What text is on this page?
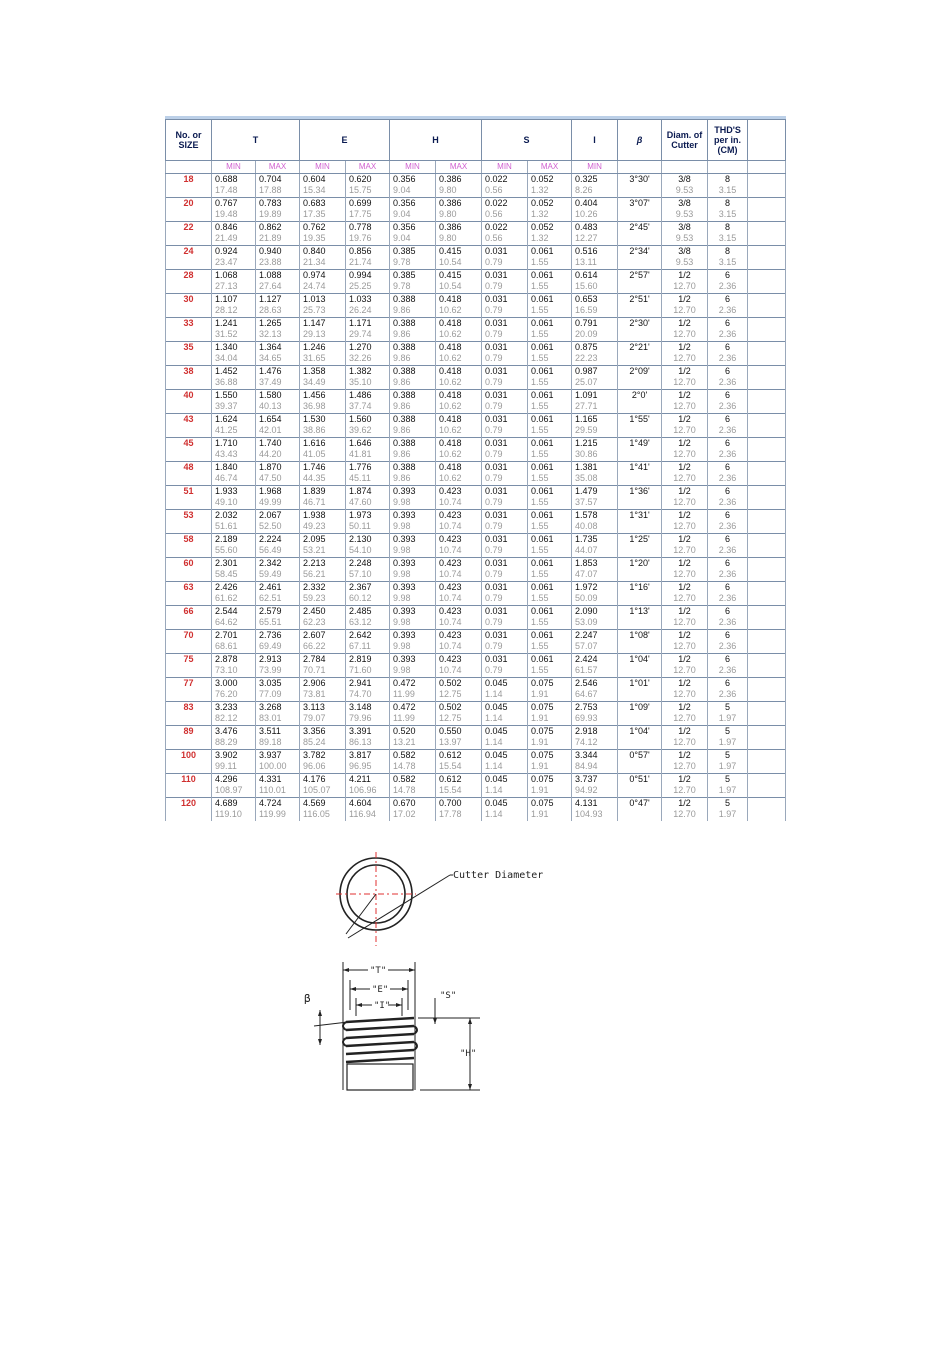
No. or SIZE	T		E		H		S		I	β	Diam. of Cutter	THD'S per in. (CM)	
	MIN	MAX	MIN	MAX	MIN	MAX	MIN	MAX	MIN				
18	0.688	0.704	0.604	0.620	0.356	0.386	0.022	0.052	0.325	3°30'	3/8	8	
	17.48	17.88	15.34	15.75	9.04	9.80	0.56	1.32	8.26		9.53	3.15	
20	0.767	0.783	0.683	0.699	0.356	0.386	0.022	0.052	0.404	3°07'	3/8	8	
	19.48	19.89	17.35	17.75	9.04	9.80	0.56	1.32	10.26		9.53	3.15	
22	0.846	0.862	0.762	0.778	0.356	0.386	0.022	0.052	0.483	2°45'	3/8	8	
	21.49	21.89	19.35	19.76	9.04	9.80	0.56	1.32	12.27		9.53	3.15	
24	0.924	0.940	0.840	0.856	0.385	0.415	0.031	0.061	0.516	2°34'	3/8	8	
	23.47	23.88	21.34	21.74	9.78	10.54	0.79	1.55	13.11		9.53	3.15	
28	1.068	1.088	0.974	0.994	0.385	0.415	0.031	0.061	0.614	2°57'	1/2	6	
	27.13	27.64	24.74	25.25	9.78	10.54	0.79	1.55	15.60		12.70	2.36	
30	1.107	1.127	1.013	1.033	0.388	0.418	0.031	0.061	0.653	2°51'	1/2	6	
	28.12	28.63	25.73	26.24	9.86	10.62	0.79	1.55	16.59		12.70	2.36	
33	1.241	1.265	1.147	1.171	0.388	0.418	0.031	0.061	0.791	2°30'	1/2	6	
	31.52	32.13	29.13	29.74	9.86	10.62	0.79	1.55	20.09		12.70	2.36	
35	1.340	1.364	1.246	1.270	0.388	0.418	0.031	0.061	0.875	2°21'	1/2	6	
	34.04	34.65	31.65	32.26	9.86	10.62	0.79	1.55	22.23		12.70	2.36	
38	1.452	1.476	1.358	1.382	0.388	0.418	0.031	0.061	0.987	2°09'	1/2	6	
	36.88	37.49	34.49	35.10	9.86	10.62	0.79	1.55	25.07		12.70	2.36	
40	1.550	1.580	1.456	1.486	0.388	0.418	0.031	0.061	1.091	2°0'	1/2	6	
	39.37	40.13	36.98	37.74	9.86	10.62	0.79	1.55	27.71		12.70	2.36	
43	1.624	1.654	1.530	1.560	0.388	0.418	0.031	0.061	1.165	1°55'	1/2	6	
	41.25	42.01	38.86	39.62	9.86	10.62	0.79	1.55	29.59		12.70	2.36	
45	1.710	1.740	1.616	1.646	0.388	0.418	0.031	0.061	1.215	1°49'	1/2	6	
	43.43	44.20	41.05	41.81	9.86	10.62	0.79	1.55	30.86		12.70	2.36	
48	1.840	1.870	1.746	1.776	0.388	0.418	0.031	0.061	1.381	1°41'	1/2	6	
	46.74	47.50	44.35	45.11	9.86	10.62	0.79	1.55	35.08		12.70	2.36	
51	1.933	1.968	1.839	1.874	0.393	0.423	0.031	0.061	1.479	1°36'	1/2	6	
	49.10	49.99	46.71	47.60	9.98	10.74	0.79	1.55	37.57		12.70	2.36	
53	2.032	2.067	1.938	1.973	0.393	0.423	0.031	0.061	1.578	1°31'	1/2	6	
	51.61	52.50	49.23	50.11	9.98	10.74	0.79	1.55	40.08		12.70	2.36	
58	2.189	2.224	2.095	2.130	0.393	0.423	0.031	0.061	1.735	1°25'	1/2	6	
	55.60	56.49	53.21	54.10	9.98	10.74	0.79	1.55	44.07		12.70	2.36	
60	2.301	2.342	2.213	2.248	0.393	0.423	0.031	0.061	1.853	1°20'	1/2	6	
	58.45	59.49	56.21	57.10	9.98	10.74	0.79	1.55	47.07		12.70	2.36	
63	2.426	2.461	2.332	2.367	0.393	0.423	0.031	0.061	1.972	1°16'	1/2	6	
	61.62	62.51	59.23	60.12	9.98	10.74	0.79	1.55	50.09		12.70	2.36	
66	2.544	2.579	2.450	2.485	0.393	0.423	0.031	0.061	2.090	1°13'	1/2	6	
	64.62	65.51	62.23	63.12	9.98	10.74	0.79	1.55	53.09		12.70	2.36	
70	2.701	2.736	2.607	2.642	0.393	0.423	0.031	0.061	2.247	1°08'	1/2	6	
	68.61	69.49	66.22	67.11	9.98	10.74	0.79	1.55	57.07		12.70	2.36	
75	2.878	2.913	2.784	2.819	0.393	0.423	0.031	0.061	2.424	1°04'	1/2	6	
	73.10	73.99	70.71	71.60	9.98	10.74	0.79	1.55	61.57		12.70	2.36	
77	3.000	3.035	2.906	2.941	0.472	0.502	0.045	0.075	2.546	1°01'	1/2	6	
	76.20	77.09	73.81	74.70	11.99	12.75	1.14	1.91	64.67		12.70	2.36	
83	3.233	3.268	3.113	3.148	0.472	0.502	0.045	0.075	2.753	1°09'	1/2	5	
	82.12	83.01	79.07	79.96	11.99	12.75	1.14	1.91	69.93		12.70	1.97	
89	3.476	3.511	3.356	3.391	0.520	0.550	0.045	0.075	2.918	1°04'	1/2	5	
	88.29	89.18	85.24	86.13	13.21	13.97	1.14	1.91	74.12		12.70	1.97	
100	3.902	3.937	3.782	3.817	0.582	0.612	0.045	0.075	3.344	0°57'	1/2	5	
	99.11	100.00	96.06	96.95	14.78	15.54	1.14	1.91	84.94		12.70	1.97	
110	4.296	4.331	4.176	4.211	0.582	0.612	0.045	0.075	3.737	0°51'	1/2	5	
	108.97	110.01	105.07	106.96	14.78	15.54	1.14	1.91	94.92		12.70	1.97	
120	4.689	4.724	4.569	4.604	0.670	0.700	0.045	0.075	4.131	0°47'	1/2	5	
	119.10	119.99	116.05	116.94	17.02	17.78	1.14	1.91	104.93		12.70	1.97	
Cutter Diameter
"T"
"E"
"I"
"S"
"H"
β
